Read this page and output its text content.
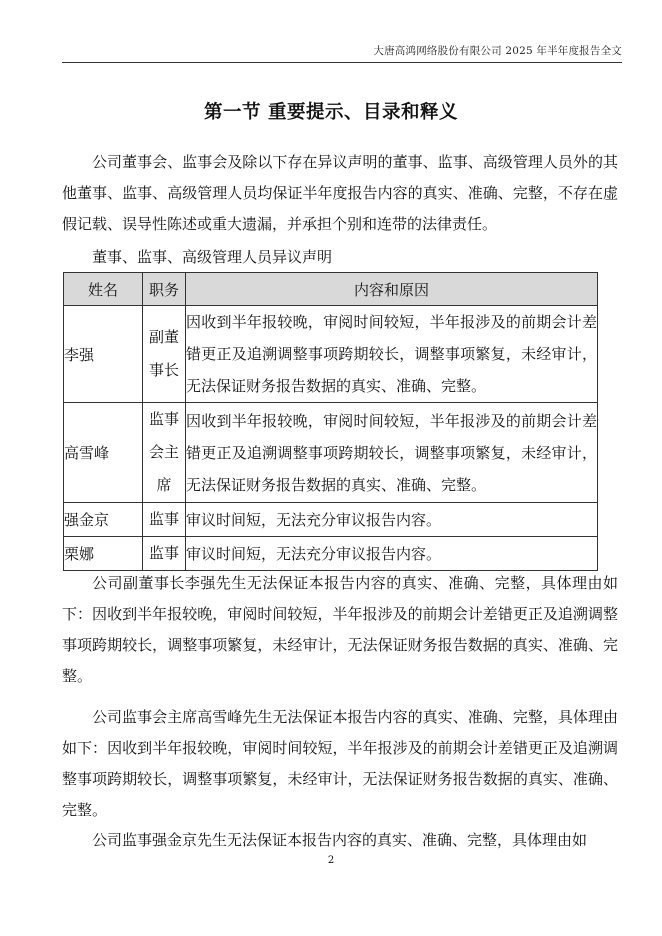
大唐高鸿网络股份有限公司 2025 年半年度报告全文
第一节 重要提示、目录和释义

公司董事会、监事会及除以下存在异议声明的董事、监事、高级管理人员外的其他董事、监事、高级管理人员均保证半年度报告内容的真实、准确、完整，不存在虚假记载、误导性陈述或重大遗漏，并承担个别和连带的法律责任。

董事、监事、高级管理人员异议声明

姓名	职务	内容和原因
李强	副董事长	因收到半年报较晚，审阅时间较短，半年报涉及的前期会计差错更正及追溯调整事项跨期较长，调整事项繁复，未经审计，无法保证财务报告数据的真实、准确、完整。
高雪峰	监事会主席	因收到半年报较晚，审阅时间较短，半年报涉及的前期会计差错更正及追溯调整事项跨期较长，调整事项繁复，未经审计，无法保证财务报告数据的真实、准确、完整。
强金京	监事	审议时间短，无法充分审议报告内容。
栗娜	监事	审议时间短，无法充分审议报告内容。

公司副董事长李强先生无法保证本报告内容的真实、准确、完整，具体理由如下：因收到半年报较晚，审阅时间较短，半年报涉及的前期会计差错更正及追溯调整事项跨期较长，调整事项繁复，未经审计，无法保证财务报告数据的真实、准确、完整。

公司监事会主席高雪峰先生无法保证本报告内容的真实、准确、完整，具体理由如下：因收到半年报较晚，审阅时间较短，半年报涉及的前期会计差错更正及追溯调整事项跨期较长，调整事项繁复，未经审计，无法保证财务报告数据的真实、准确、完整。

公司监事强金京先生无法保证本报告内容的真实、准确、完整，具体理由如

2
